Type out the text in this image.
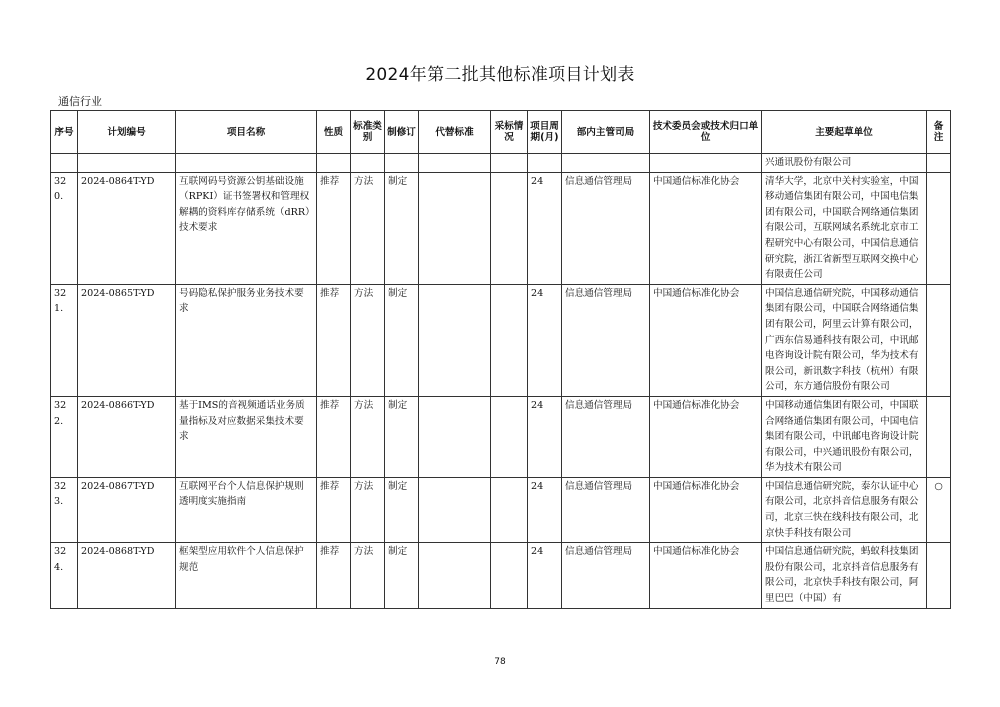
2024年第二批其他标准项目计划表
通信行业
序号	计划编号	项目名称	性质	标准类别	制修订	代替标准	采标情况	项目周期(月)	部内主管司局	技术委员会或技术归口单位	主要起草单位	备注
											兴通讯股份有限公司	
320.	2024-0864T-YD	互联网码号资源公钥基础设施（RPKI）证书签署权和管理权解耦的资料库存储系统（dRR）技术要求	推荐	方法	制定			24	信息通信管理局	中国通信标准化协会	清华大学，北京中关村实验室，中国移动通信集团有限公司，中国电信集团有限公司，中国联合网络通信集团有限公司，互联网域名系统北京市工程研究中心有限公司，中国信息通信研究院，浙江省新型互联网交换中心有限责任公司	
321.	2024-0865T-YD	号码隐私保护服务业务技术要求	推荐	方法	制定			24	信息通信管理局	中国通信标准化协会	中国信息通信研究院，中国移动通信集团有限公司，中国联合网络通信集团有限公司，阿里云计算有限公司，广西东信易通科技有限公司，中讯邮电咨询设计院有限公司，华为技术有限公司，新讯数字科技（杭州）有限公司，东方通信股份有限公司	
322.	2024-0866T-YD	基于IMS的音视频通话业务质量指标及对应数据采集技术要求	推荐	方法	制定			24	信息通信管理局	中国通信标准化协会	中国移动通信集团有限公司，中国联合网络通信集团有限公司，中国电信集团有限公司，中讯邮电咨询设计院有限公司，中兴通讯股份有限公司，华为技术有限公司	
323.	2024-0867T-YD	互联网平台个人信息保护规则透明度实施指南	推荐	方法	制定			24	信息通信管理局	中国通信标准化协会	中国信息通信研究院，泰尔认证中心有限公司，北京抖音信息服务有限公司，北京三快在线科技有限公司，北京快手科技有限公司	○
324.	2024-0868T-YD	框架型应用软件个人信息保护规范	推荐	方法	制定			24	信息通信管理局	中国通信标准化协会	中国信息通信研究院，蚂蚁科技集团股份有限公司，北京抖音信息服务有限公司，北京快手科技有限公司，阿里巴巴（中国）有	
78
